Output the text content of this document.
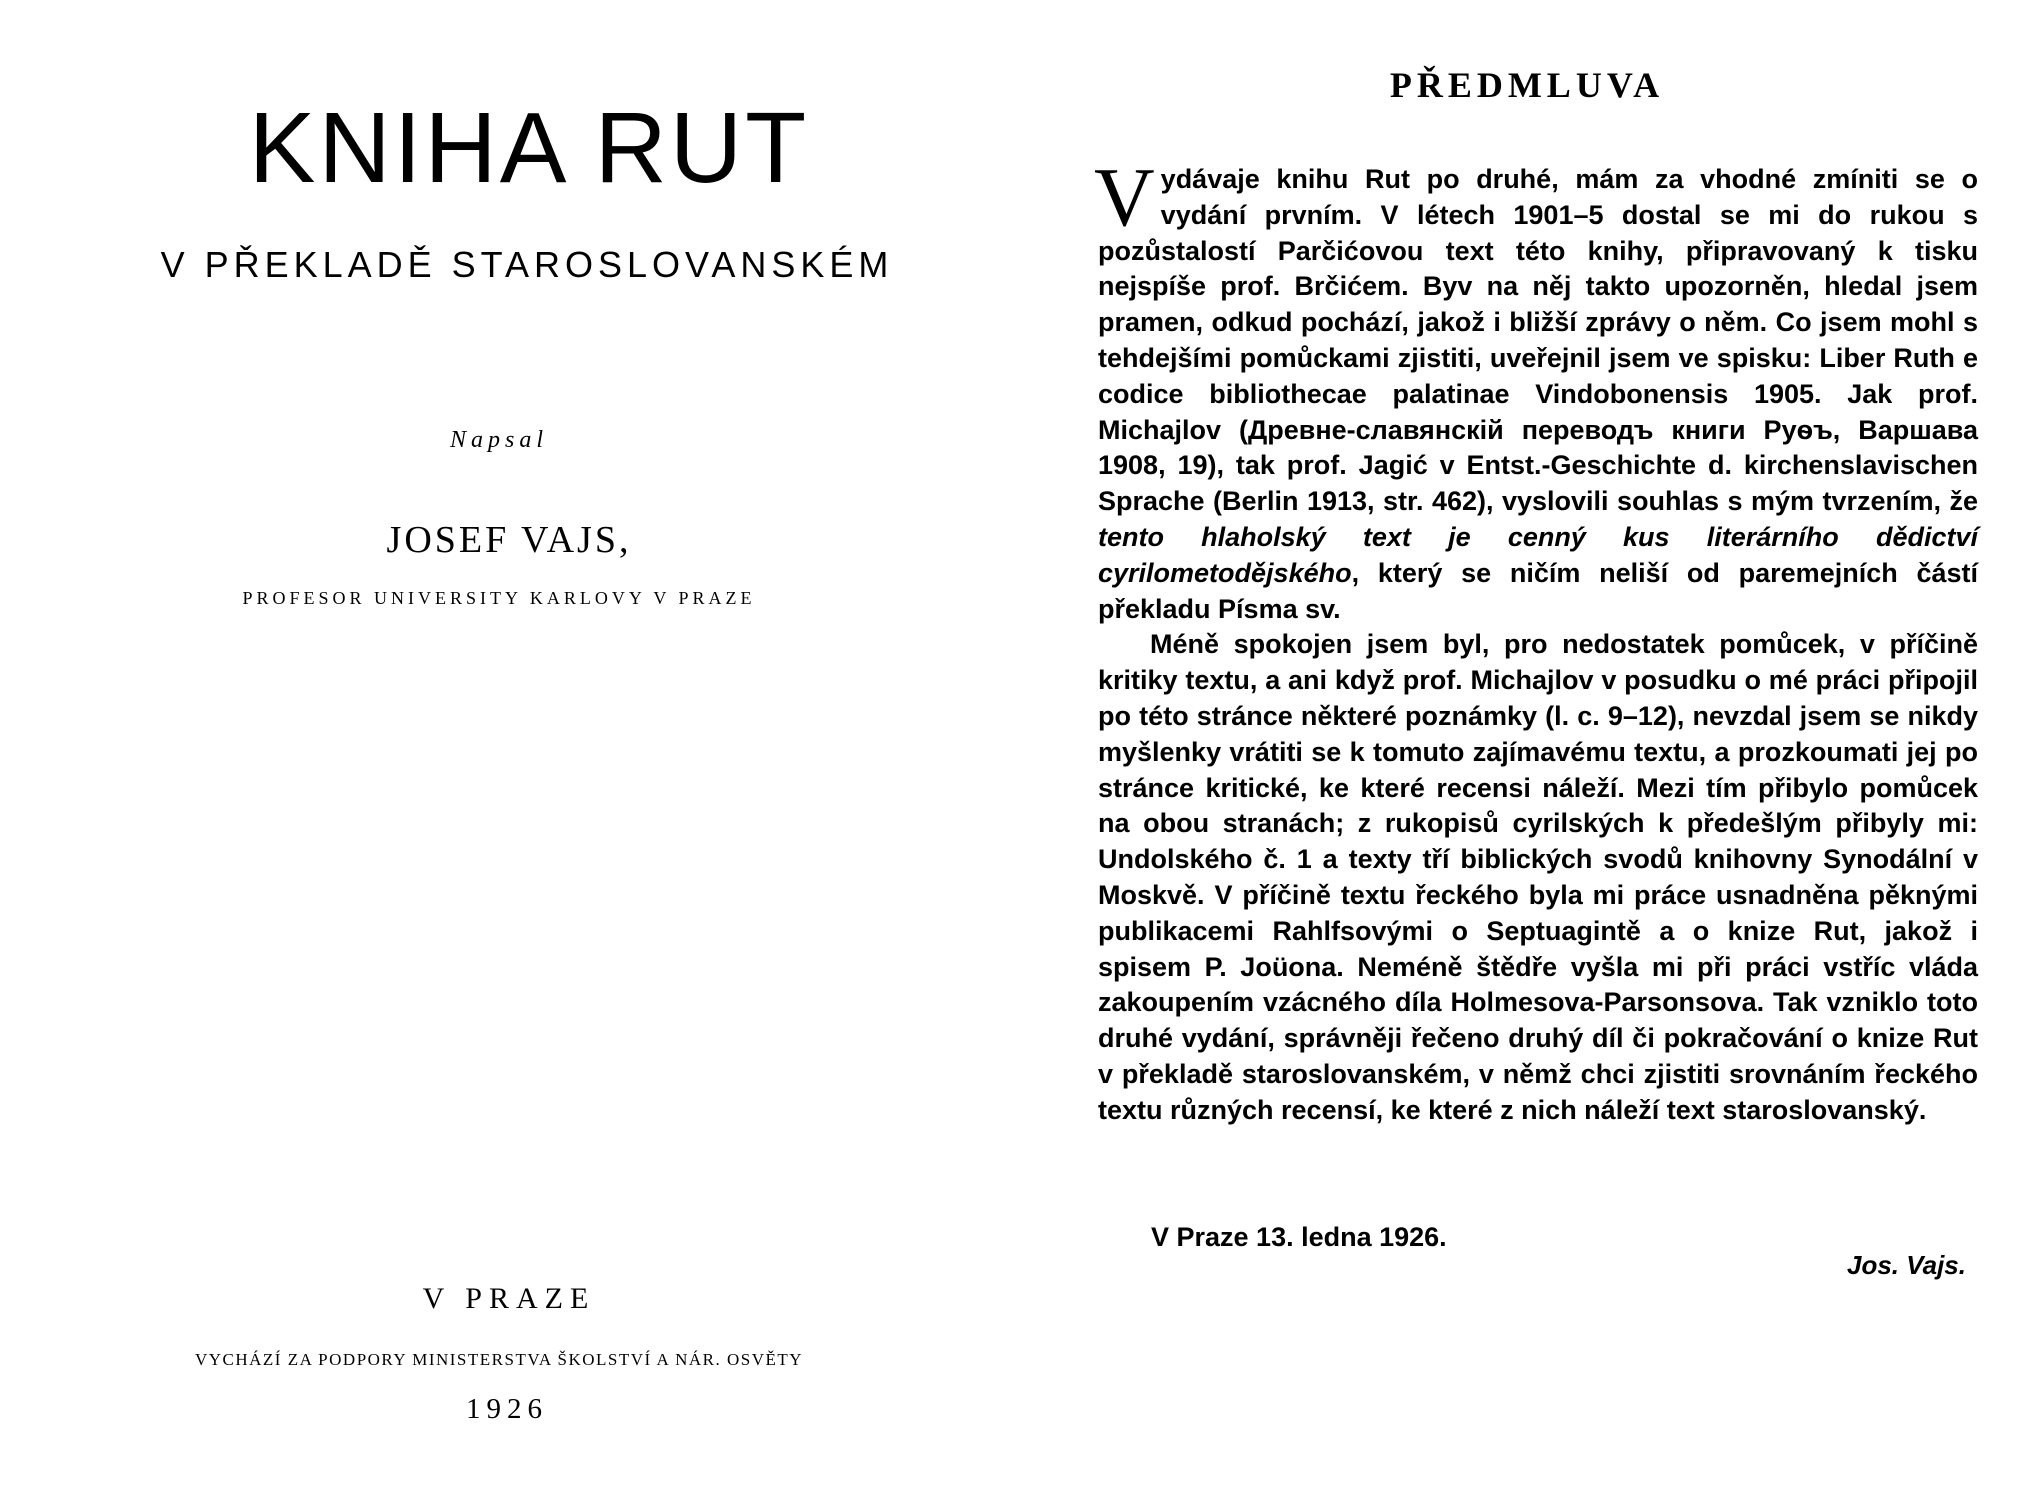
KNIHA RUT
V PŘEKLADĚ STAROSLOVANSKÉM
Napsal
JOSEF VAJS,
PROFESOR UNIVERSITY KARLOVY V PRAZE
V PRAZE
VYCHÁZÍ ZA PODPORY MINISTERSTVA ŠKOLSTVÍ A NÁR. OSVĚTY
1926
PŘEDMLUVA

Vydávaje knihu Rut po druhé, mám za vhodné zmíniti se o vydání prvním. V létech 1901–5 dostal se mi do rukou s pozůstalostí Parčićovou text této knihy, připravovaný k tisku nejspíše prof. Brčićem. Byv na něj takto upozorněn, hledal jsem pramen, odkud pochází, jakož i bližší zprávy o něm. Co jsem mohl s tehdejšími pomůckami zjistiti, uveřejnil jsem ve spisku: Liber Ruth e codice bibliothecae palatinae Vindobonensis 1905. Jak prof. Michajlov (Древне-славянскiй переводъ книги Руѳъ, Варшава 1908, 19), tak prof. Jagić v Entst.-Geschichte d. kirchenslavischen Sprache (Berlin 1913, str. 462), vyslovili souhlas s mým tvrzením, že tento hlaholský text je cenný kus literárního dědictví cyrilometodějského, který se ničím neliší od paremejních částí překladu Písma sv.

Méně spokojen jsem byl, pro nedostatek pomůcek, v příčině kritiky textu, a ani když prof. Michajlov v posudku o mé práci připojil po této stránce některé poznámky (l. c. 9–12), nevzdal jsem se nikdy myšlenky vrátiti se k tomuto zajímavému textu, a prozkoumati jej po stránce kritické, ke které recensi náleží. Mezi tím přibylo pomůcek na obou stranách; z rukopisů cyrilských k předešlým přibyly mi: Undolského č. 1 a texty tří biblických svodů knihovny Synodální v Moskvě. V příčině textu řeckého byla mi práce usnadněna pěknými publikacemi Rahlfsovými o Septuagintě a o knize Rut, jakož i spisem P. Joüona. Neméně štědře vyšla mi při práci vstříc vláda zakoupením vzácného díla Holmesova-Parsonsova. Tak vzniklo toto druhé vydání, správněji řečeno druhý díl či pokračování o knize Rut v překladě staroslovanském, v němž chci zjistiti srovnáním řeckého textu různých recensí, ke které z nich náleží text staroslovanský.

V Praze 13. ledna 1926.
Jos. Vajs.
